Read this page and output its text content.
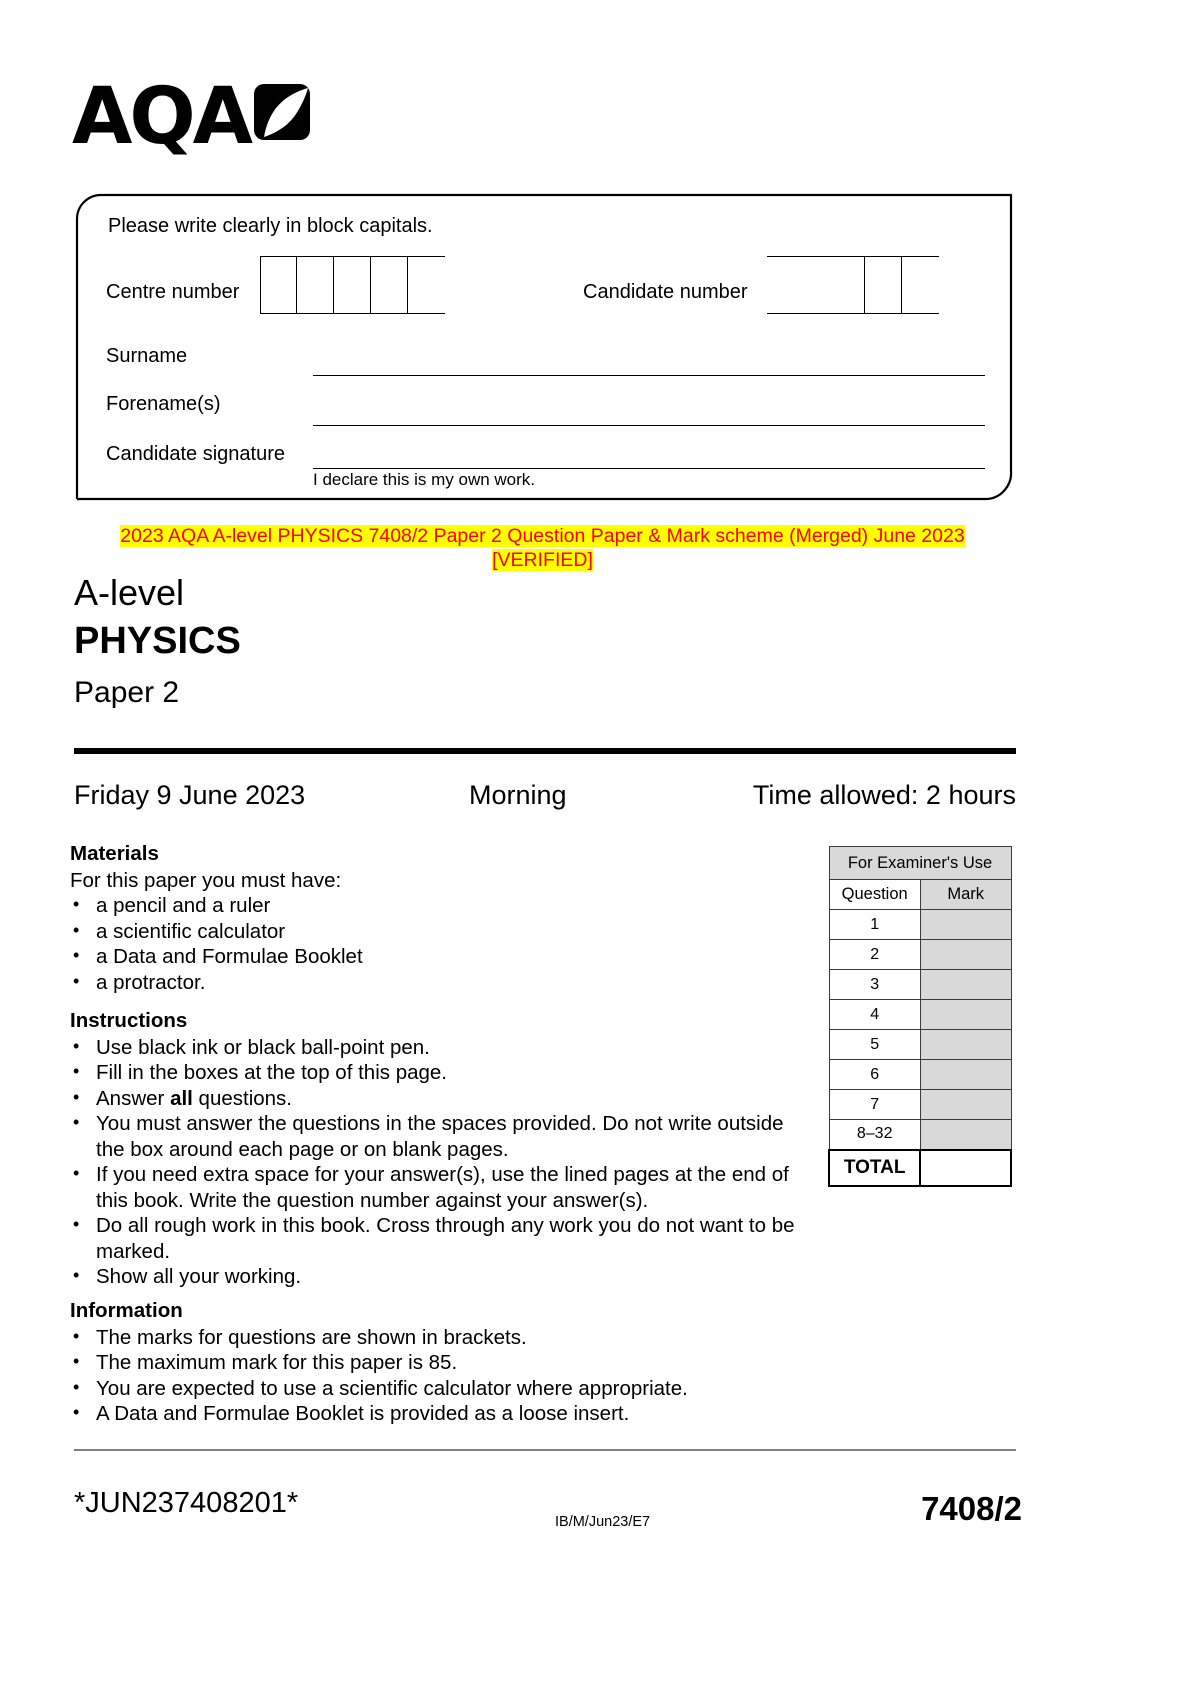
AQA
Please write clearly in block capitals.
Centre number	Candidate number
Surname
Forename(s)
Candidate signature
I declare this is my own work.
2023 AQA A-level PHYSICS 7408/2 Paper 2 Question Paper & Mark scheme (Merged) June 2023
[VERIFIED]
A-level
PHYSICS
Paper 2
Friday 9 June 2023	Morning	Time allowed: 2 hours
Materials

For this paper you must have:

• a pencil and a ruler
• a scientific calculator
• a Data and Formulae Booklet
• a protractor.
Instructions
• Use black ink or black ball-point pen.
• Fill in the boxes at the top of this page.
• Answer all questions.
• You must answer the questions in the spaces provided. Do not write outside the box around each page or on blank pages.
• If you need extra space for your answer(s), use the lined pages at the end of this book. Write the question number against your answer(s).
• Do all rough work in this book. Cross through any work you do not want to be marked.
• Show all your working.
Information
• The marks for questions are shown in brackets.
• The maximum mark for this paper is 85.
• You are expected to use a scientific calculator where appropriate.
• A Data and Formulae Booklet is provided as a loose insert.
For Examiner's Use	
Question	Mark
1	
2	
3	
4	
5	
6	
7	
8–32	
TOTAL	
*JUN237408201*
IB/M/Jun23/E7	7408/2
